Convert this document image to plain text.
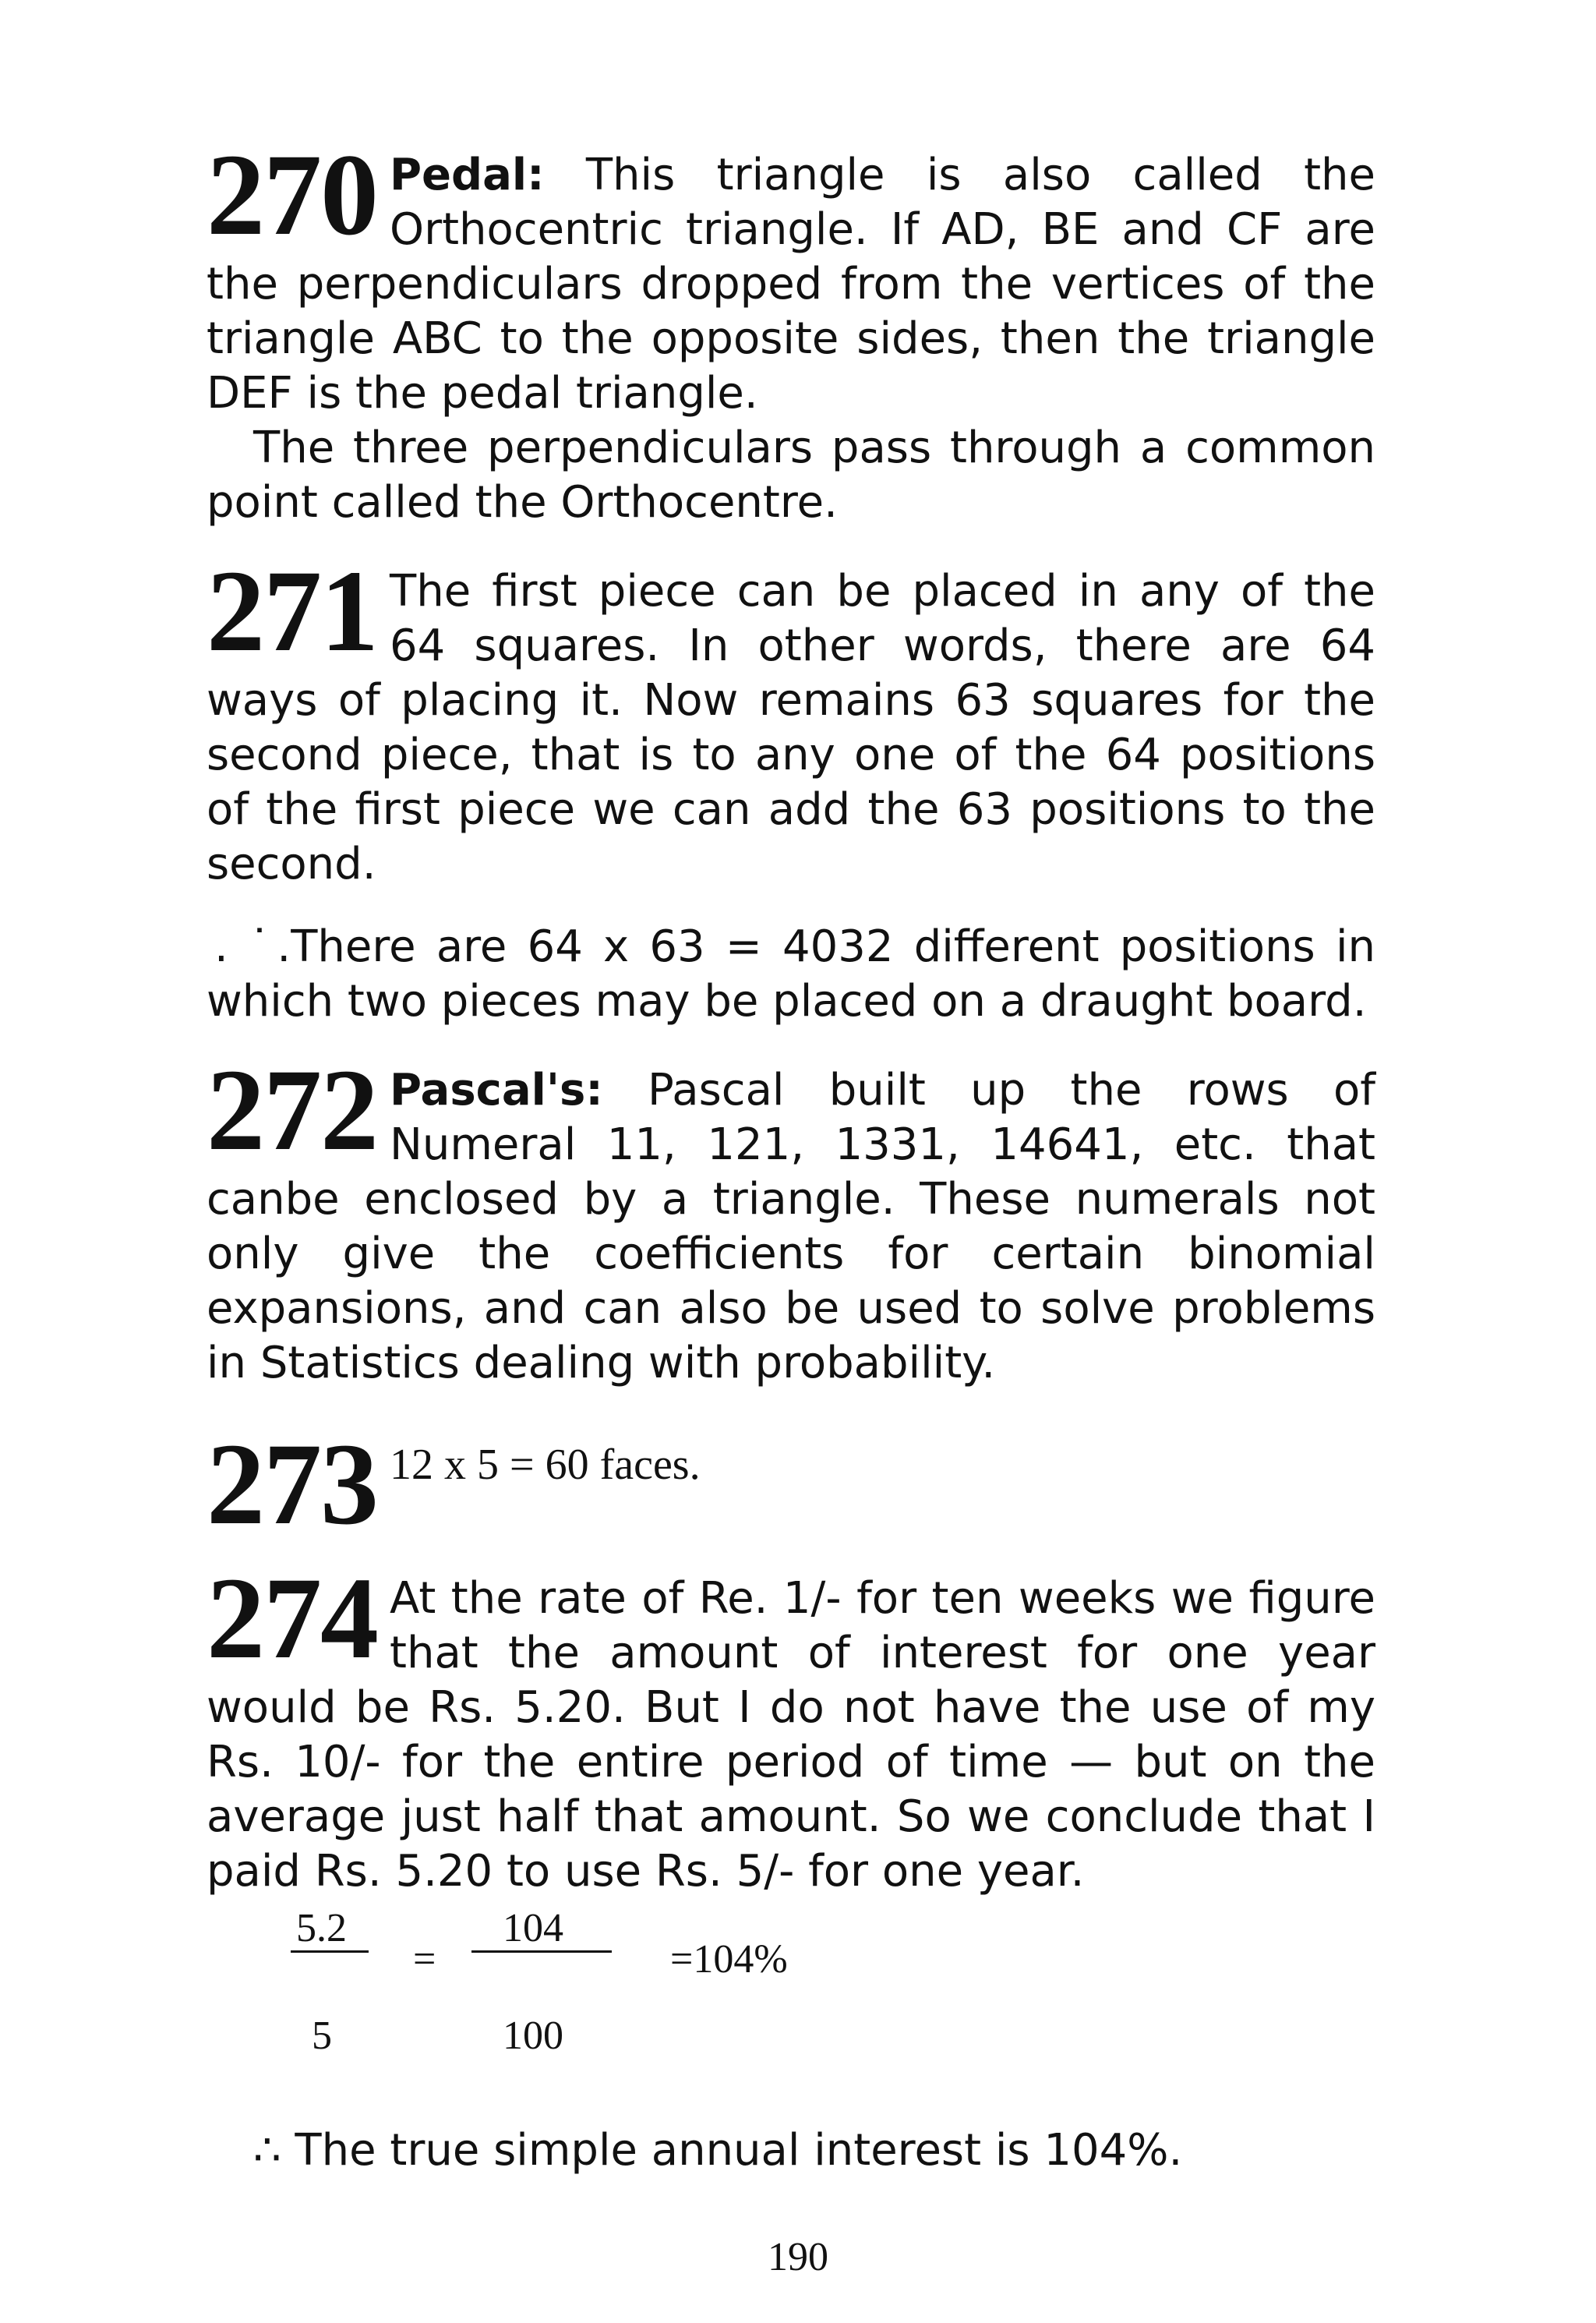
270 Pedal: This triangle is also called the Orthocentric triangle. If AD, BE and CF are the perpendiculars dropped from the vertices of the triangle ABC to the opposite sides, then the triangle DEF is the pedal triangle.

The three perpendiculars pass through a common point called the Orthocentre.

271 The first piece can be placed in any of the 64 squares. In other words, there are 64 ways of placing it. Now remains 63 squares for the second piece, that is to any one of the 64 positions of the first piece we can add the 63 positions to the second.

. ˙.There are 64 x 63 = 4032 different positions in which two pieces may be placed on a draught board.

272 Pascal's: Pascal built up the rows of Numeral 11, 121, 1331, 14641, etc. that canbe enclosed by a triangle. These numerals not only give the coefficients for certain binomial expansions, and can also be used to solve problems in Statistics dealing with probability.

273 12 x 5 = 60 faces.

274 At the rate of Re. 1/- for ten weeks we figure that the amount of interest for one year would be Rs. 5.20. But I do not have the use of my Rs. 10/- for the entire period of time — but on the average just half that amount. So we conclude that I paid Rs. 5.20 to use Rs. 5/- for one year.

5.2
5
=
104
100
=104%

∴ The true simple annual interest is 104%.

190
